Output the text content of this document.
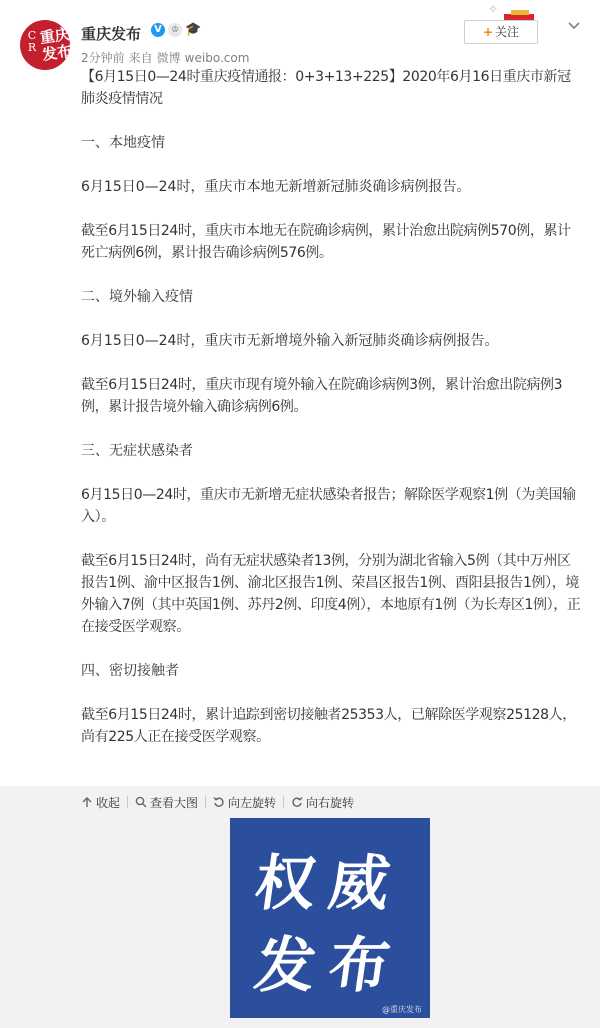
C R
重庆发布
重庆发布	V	♔ 🎓
2分钟前 来自 微博 weibo.com
✧
+ 关注

【6月15日0—24时重庆疫情通报：0+3+13+225】2020年6月16日重庆市新冠肺炎疫情情况

一、本地疫情

6月15日0—24时，重庆市本地无新增新冠肺炎确诊病例报告。

截至6月15日24时，重庆市本地无在院确诊病例，累计治愈出院病例570例，累计死亡病例6例，累计报告确诊病例576例。

二、境外输入疫情

6月15日0—24时，重庆市无新增境外输入新冠肺炎确诊病例报告。

截至6月15日24时，重庆市现有境外输入在院确诊病例3例，累计治愈出院病例3例，累计报告境外输入确诊病例6例。

三、无症状感染者

6月15日0—24时，重庆市无新增无症状感染者报告；解除医学观察1例（为美国输入）。

截至6月15日24时，尚有无症状感染者13例，分别为湖北省输入5例（其中万州区报告1例、渝中区报告1例、渝北区报告1例、荣昌区报告1例、酉阳县报告1例），境外输入7例（其中英国1例、苏丹2例、印度4例），本地原有1例（为长寿区1例），正在接受医学观察。

四、密切接触者

截至6月15日24时，累计追踪到密切接触者25353人，已解除医学观察25128人，尚有225人正在接受医学观察。

收起	查看大图	向左旋转	向右旋转
权威
发布
@重庆发布
